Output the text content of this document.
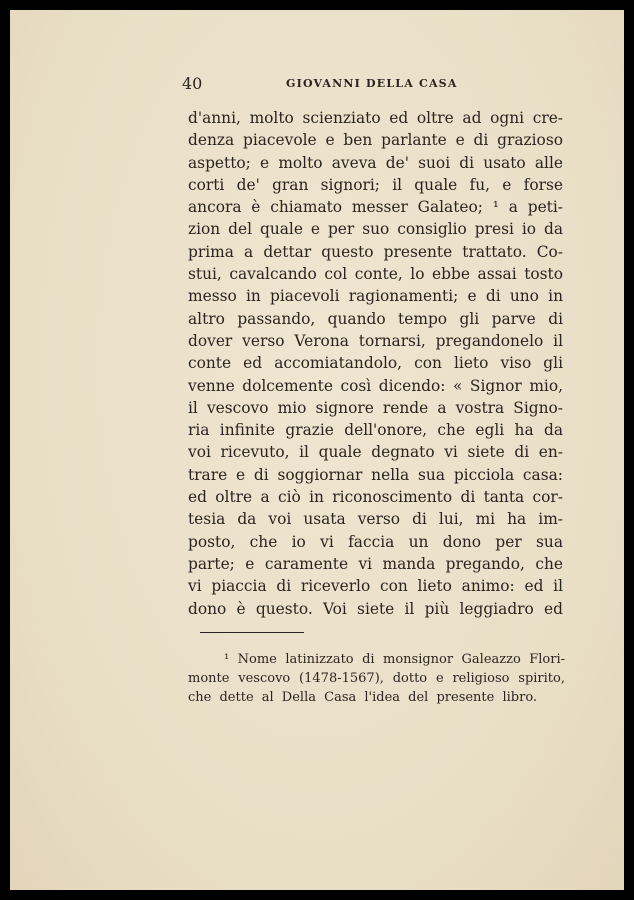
40	GIOVANNI DELLA CASA
d'anni, molto scienziato ed oltre ad ogni cre-
denza piacevole e ben parlante e di grazioso
aspetto; e molto aveva de' suoi di usato alle
corti de' gran signori; il quale fu, e forse
ancora è chiamato messer Galateo; ¹ a peti-
zion del quale e per suo consiglio presi io da
prima a dettar questo presente trattato. Co-
stui, cavalcando col conte, lo ebbe assai tosto
messo in piacevoli ragionamenti; e di uno in
altro passando, quando tempo gli parve di
dover verso Verona tornarsi, pregandonelo il
conte ed accomiatandolo, con lieto viso gli
venne dolcemente così dicendo: « Signor mio,
il vescovo mio signore rende a vostra Signo-
ria infinite grazie dell'onore, che egli ha da
voi ricevuto, il quale degnato vi siete di en-
trare e di soggiornar nella sua picciola casa:
ed oltre a ciò in riconoscimento di tanta cor-
tesia da voi usata verso di lui, mi ha im-
posto, che io vi faccia un dono per sua
parte; e caramente vi manda pregando, che
vi piaccia di riceverlo con lieto animo: ed il
dono è questo. Voi siete il più leggiadro ed
¹ Nome latinizzato di monsignor Galeazzo Flori-
monte vescovo (1478-1567), dotto e religioso spirito,
che dette al Della Casa l'idea del presente libro.
